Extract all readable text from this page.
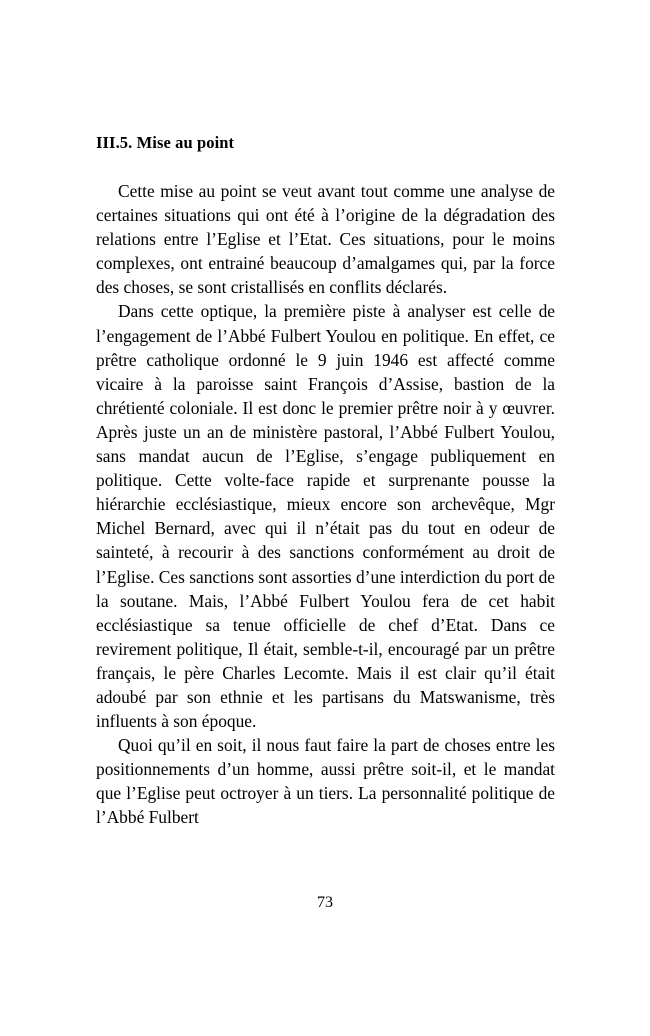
III.5. Mise au point

Cette mise au point se veut avant tout comme une analyse de certaines situations qui ont été à l’origine de la dégradation des relations entre l’Eglise et l’Etat. Ces situations, pour le moins complexes, ont entrainé beaucoup d’amalgames qui, par la force des choses, se sont cristallisés en conflits déclarés.

Dans cette optique, la première piste à analyser est celle de l’engagement de l’Abbé Fulbert Youlou en politique. En effet, ce prêtre catholique ordonné le 9 juin 1946 est affecté comme vicaire à la paroisse saint François d’Assise, bastion de la chrétienté coloniale. Il est donc le premier prêtre noir à y œuvrer. Après juste un an de ministère pastoral, l’Abbé Fulbert Youlou, sans mandat aucun de l’Eglise, s’engage publiquement en politique. Cette volte-face rapide et surprenante pousse la hiérarchie ecclésiastique, mieux encore son archevêque, Mgr Michel Bernard, avec qui il n’était pas du tout en odeur de sainteté, à recourir à des sanctions conformément au droit de l’Eglise. Ces sanctions sont assorties d’une interdiction du port de la soutane. Mais, l’Abbé Fulbert Youlou fera de cet habit ecclésiastique sa tenue officielle de chef d’Etat. Dans ce revirement politique, Il était, semble-t-il, encouragé par un prêtre français, le père Charles Lecomte. Mais il est clair qu’il était adoubé par son ethnie et les partisans du Matswanisme, très influents à son époque.

Quoi qu’il en soit, il nous faut faire la part de choses entre les positionnements d’un homme, aussi prêtre soit-il, et le mandat que l’Eglise peut octroyer à un tiers. La personnalité politique de l’Abbé Fulbert

73
